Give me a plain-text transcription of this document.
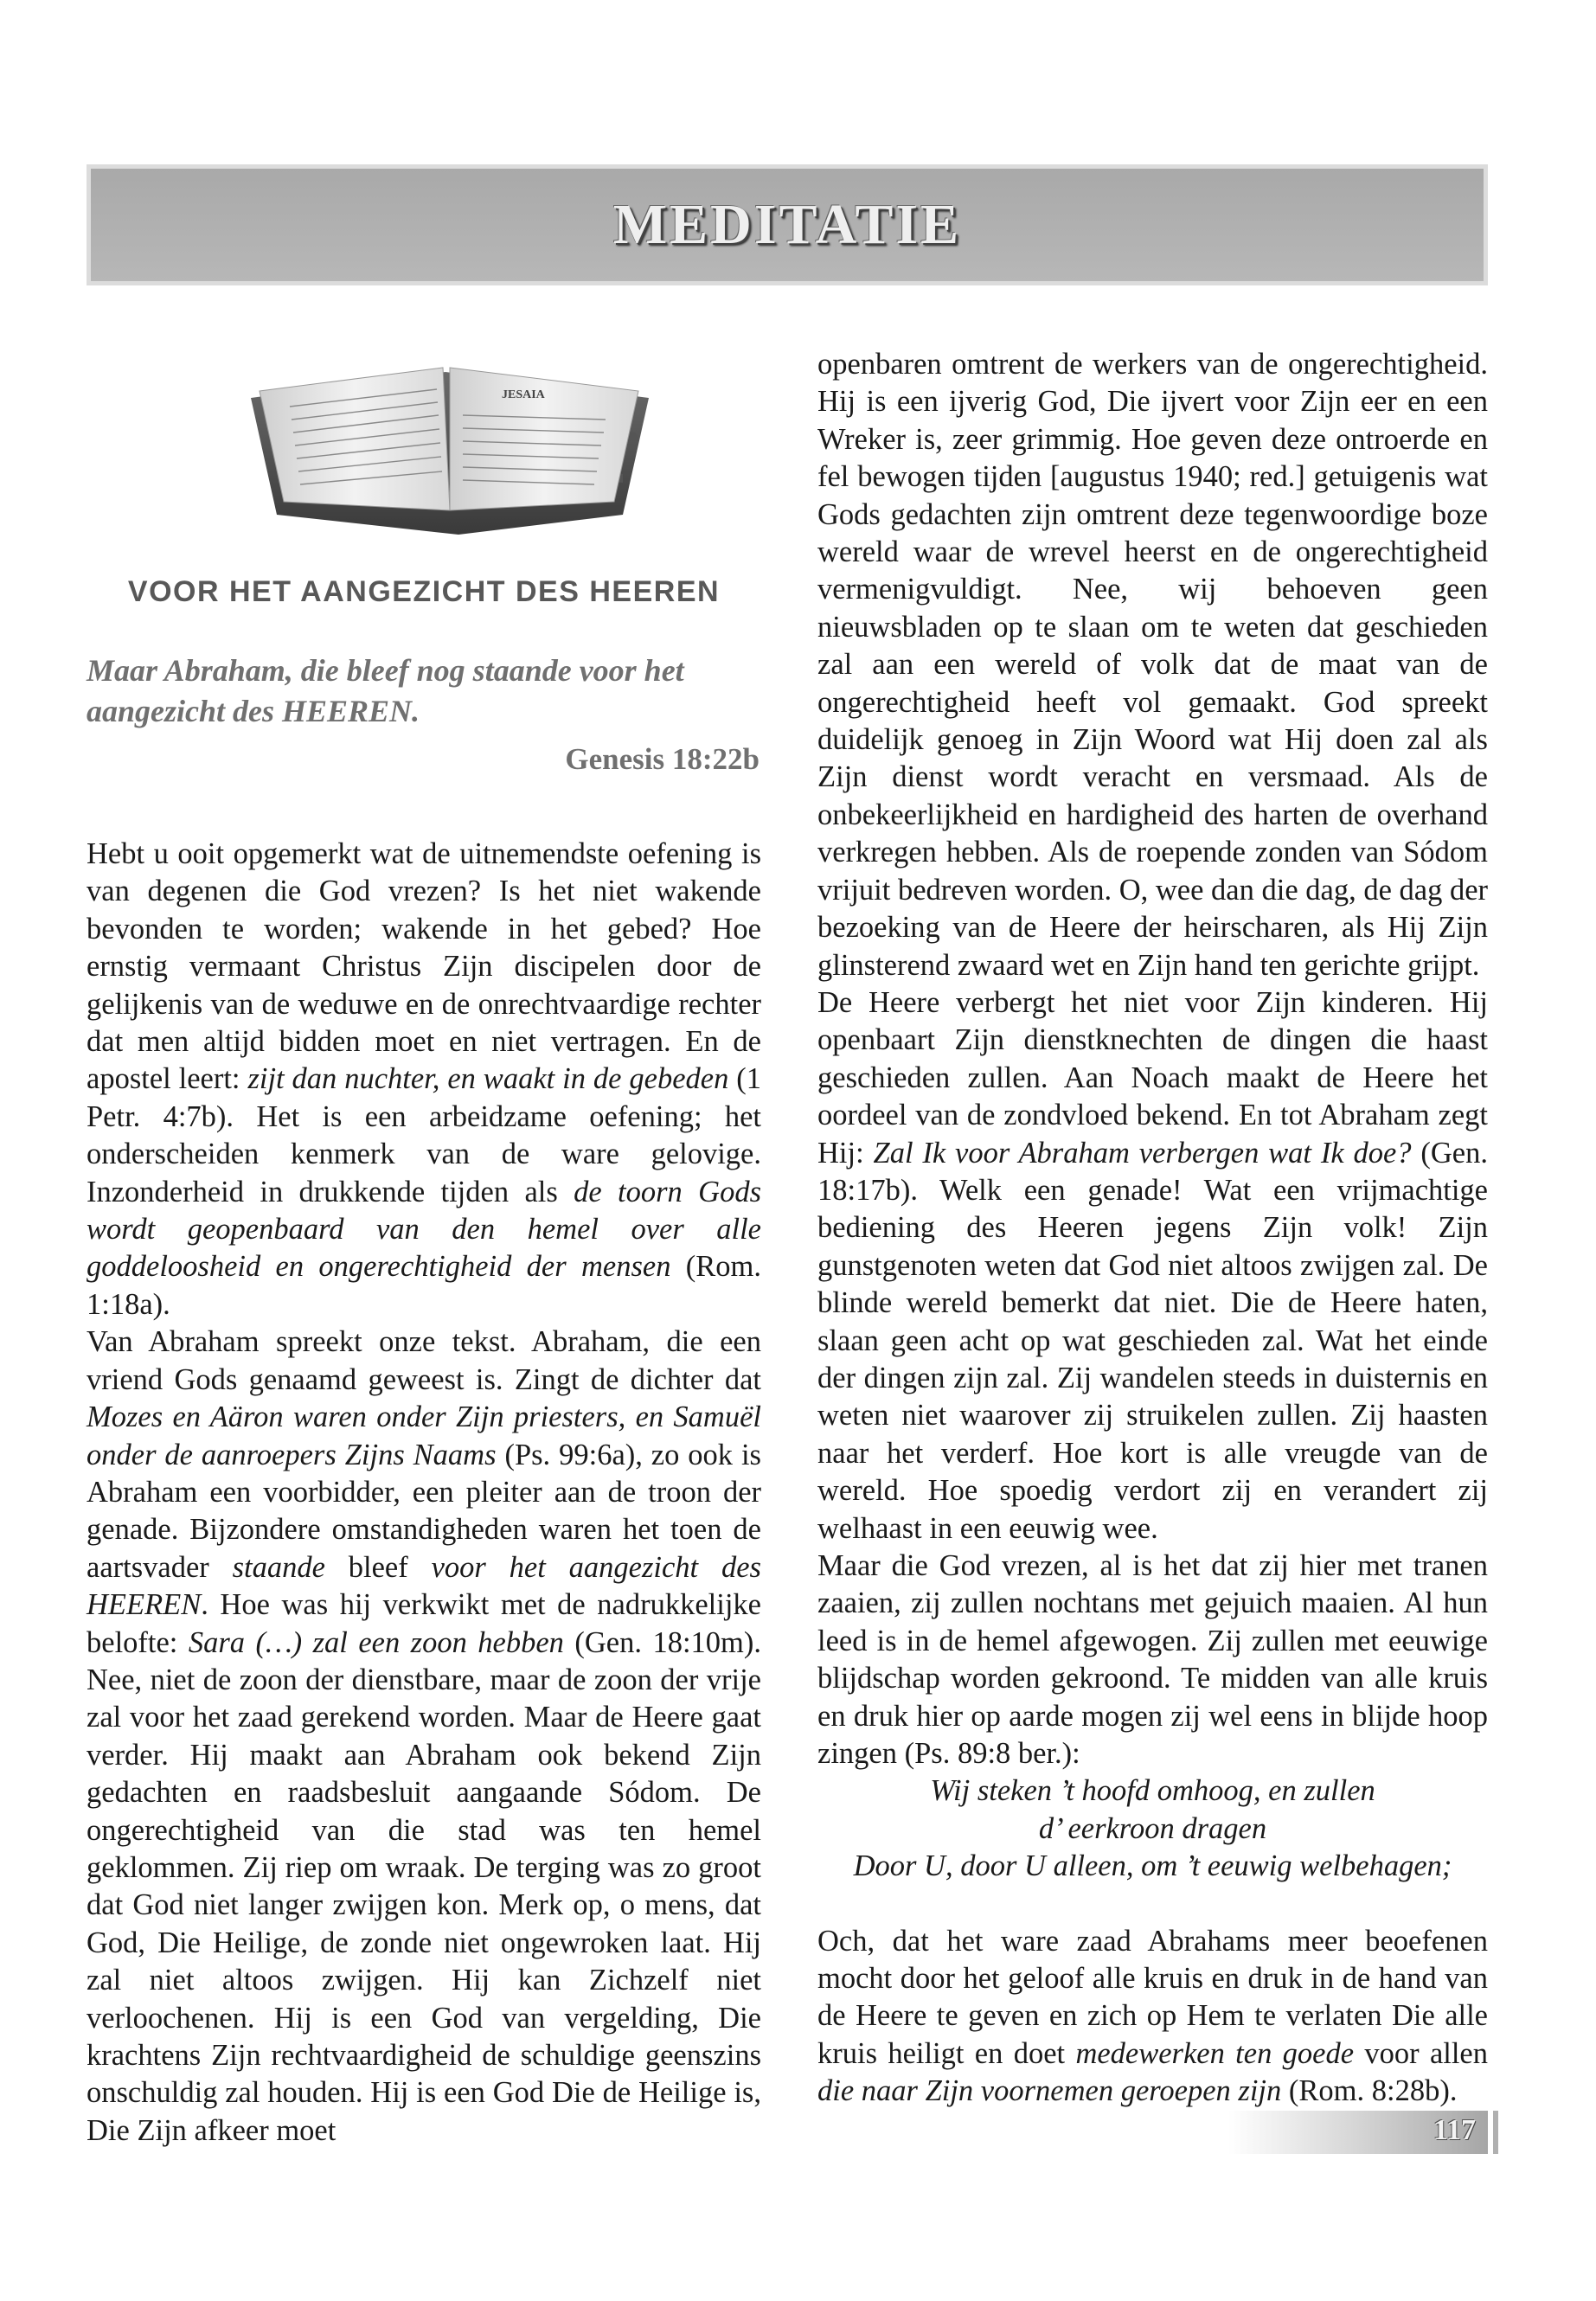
MEDITATIE
JESAIA
VOOR HET AANGEZICHT DES HEEREN
Maar Abraham, die bleef nog staande voor het aangezicht des HEEREN.
Genesis 18:22b

Hebt u ooit opgemerkt wat de uitnemendste oefening is van degenen die God vrezen? Is het niet wakende bevonden te worden; wakende in het gebed? Hoe ernstig vermaant Christus Zijn discipelen door de gelijkenis van de weduwe en de onrechtvaardige rechter dat men altijd bidden moet en niet vertragen. En de apostel leert: zijt dan nuchter, en waakt in de gebeden (1 Petr. 4:7b). Het is een arbeidzame oefening; het onderscheiden kenmerk van de ware gelovige. Inzonderheid in drukkende tijden als de toorn Gods wordt geopenbaard van den hemel over alle goddeloosheid en ongerechtigheid der mensen (Rom. 1:18a).

Van Abraham spreekt onze tekst. Abraham, die een vriend Gods genaamd geweest is. Zingt de dichter dat Mozes en Aäron waren onder Zijn priesters, en Samuël onder de aanroepers Zijns Naams (Ps. 99:6a), zo ook is Abraham een voorbidder, een pleiter aan de troon der genade. Bijzondere omstandigheden waren het toen de aartsvader staande bleef voor het aangezicht des HEEREN. Hoe was hij verkwikt met de nadrukkelijke belofte: Sara (…) zal een zoon hebben (Gen. 18:10m). Nee, niet de zoon der dienstbare, maar de zoon der vrije zal voor het zaad gerekend worden. Maar de Heere gaat verder. Hij maakt aan Abraham ook bekend Zijn gedachten en raadsbesluit aangaande Sódom. De ongerechtigheid van die stad was ten hemel geklommen. Zij riep om wraak. De terging was zo groot dat God niet langer zwijgen kon. Merk op, o mens, dat God, Die Heilige, de zonde niet ongewroken laat. Hij zal niet altoos zwijgen. Hij kan Zichzelf niet verloochenen. Hij is een God van vergelding, Die krachtens Zijn rechtvaardigheid de schuldige geenszins onschuldig zal houden. Hij is een God Die de Heilige is, Die Zijn afkeer moet

openbaren omtrent de werkers van de ongerechtigheid. Hij is een ijverig God, Die ijvert voor Zijn eer en een Wreker is, zeer grimmig. Hoe geven deze ontroerde en fel bewogen tijden [augustus 1940; red.] getuigenis wat Gods gedachten zijn omtrent deze tegenwoordige boze wereld waar de wrevel heerst en de ongerechtigheid vermenigvuldigt. Nee, wij behoeven geen nieuwsbladen op te slaan om te weten dat geschieden zal aan een wereld of volk dat de maat van de ongerechtigheid heeft vol gemaakt. God spreekt duidelijk genoeg in Zijn Woord wat Hij doen zal als Zijn dienst wordt veracht en versmaad. Als de onbekeerlijkheid en hardigheid des harten de overhand verkregen hebben. Als de roepende zonden van Sódom vrijuit bedreven worden. O, wee dan die dag, de dag der bezoeking van de Heere der heirscharen, als Hij Zijn glinsterend zwaard wet en Zijn hand ten gerichte grijpt.

De Heere verbergt het niet voor Zijn kinderen. Hij openbaart Zijn dienstknechten de dingen die haast geschieden zullen. Aan Noach maakt de Heere het oordeel van de zondvloed bekend. En tot Abraham zegt Hij: Zal Ik voor Abraham verbergen wat Ik doe? (Gen. 18:17b). Welk een genade! Wat een vrijmachtige bediening des Heeren jegens Zijn volk! Zijn gunstgenoten weten dat God niet altoos zwijgen zal. De blinde wereld bemerkt dat niet. Die de Heere haten, slaan geen acht op wat geschieden zal. Wat het einde der dingen zijn zal. Zij wandelen steeds in duisternis en weten niet waarover zij struikelen zullen. Zij haasten naar het verderf. Hoe kort is alle vreugde van de wereld. Hoe spoedig verdort zij en verandert zij welhaast in een eeuwig wee.

Maar die God vrezen, al is het dat zij hier met tranen zaaien, zij zullen nochtans met gejuich maaien. Al hun leed is in de hemel afgewogen. Zij zullen met eeuwige blijdschap worden gekroond. Te midden van alle kruis en druk hier op aarde mogen zij wel eens in blijde hoop zingen (Ps. 89:8 ber.):

Wij steken ’t hoofd omhoog, en zullen
d’ eerkroon dragen
Door U, door U alleen, om ’t eeuwig welbehagen;

Och, dat het ware zaad Abrahams meer beoefenen mocht door het geloof alle kruis en druk in de hand van de Heere te geven en zich op Hem te verlaten Die alle kruis heiligt en doet medewerken ten goede voor allen die naar Zijn voornemen geroepen zijn (Rom. 8:28b).

117
